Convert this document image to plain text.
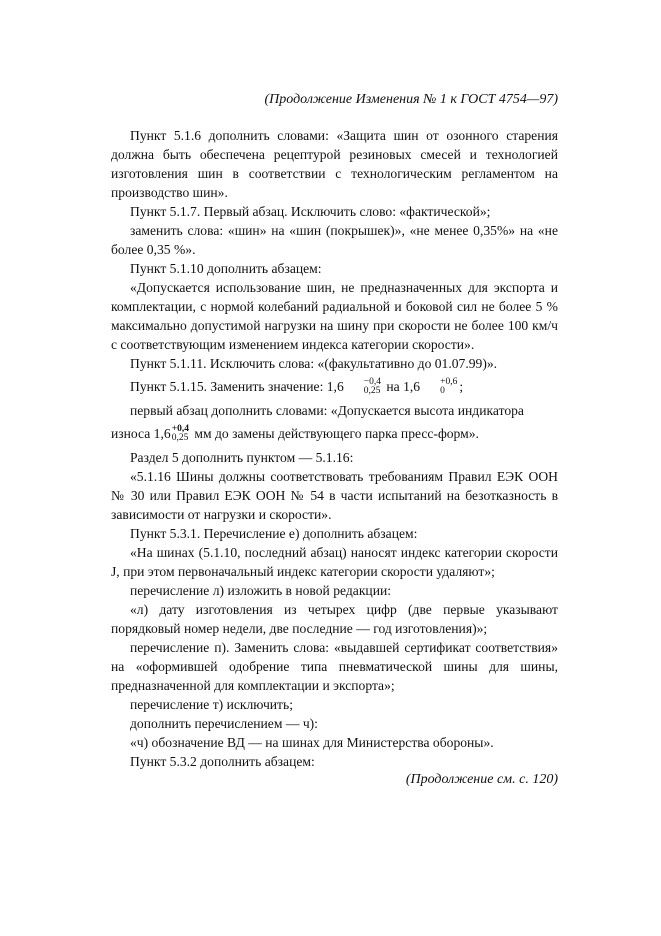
(Продолжение Изменения № 1 к ГОСТ 4754—97)

Пункт 5.1.6 дополнить словами: «Защита шин от озонного старения должна быть обеспечена рецептурой резиновых смесей и технологией изготовления шин в соответствии с технологическим регламентом на производство шин».

Пункт 5.1.7. Первый абзац. Исключить слово: «фактической»;

заменить слова: «шин» на «шин (покрышек)», «не менее 0,35%» на «не более 0,35 %».

Пункт 5.1.10 дополнить абзацем:

«Допускается использование шин, не предназначенных для экспорта и комплектации, с нормой колебаний радиальной и боковой сил не более 5 % максимально допустимой нагрузки на шину при скорости не более 100 км/ч с соответствующим изменением индекса категории скорости».

Пункт 5.1.11. Исключить слова: «(факультативно до 01.07.99)».

Пункт 5.1.15. Заменить значение: 1,6	−0,4
0,25 на 1,6	+0,6
0	;

первый абзац дополнить словами: «Допускается высота индикатора

износа 1,6 +0,4
0,25 мм до замены действующего парка пресс-форм».

Раздел 5 дополнить пунктом — 5.1.16:

«5.1.16 Шины должны соответствовать требованиям Правил ЕЭК ООН № 30 или Правил ЕЭК ООН № 54 в части испытаний на безотказность в зависимости от нагрузки и скорости».

Пункт 5.3.1. Перечисление е) дополнить абзацем:

«На шинах (5.1.10, последний абзац) наносят индекс категории скорости J, при этом первоначальный индекс категории скорости удаляют»;

перечисление л) изложить в новой редакции:

«л) дату изготовления из четырех цифр (две первые указывают порядковый номер недели, две последние — год изготовления)»;

перечисление п). Заменить слова: «выдавшей сертификат соответствия» на «оформившей одобрение типа пневматической шины для шины, предназначенной для комплектации и экспорта»;

перечисление т) исключить;

дополнить перечислением — ч):

«ч) обозначение ВД — на шинах для Министерства обороны».

Пункт 5.3.2 дополнить абзацем:

(Продолжение см. с. 120)
